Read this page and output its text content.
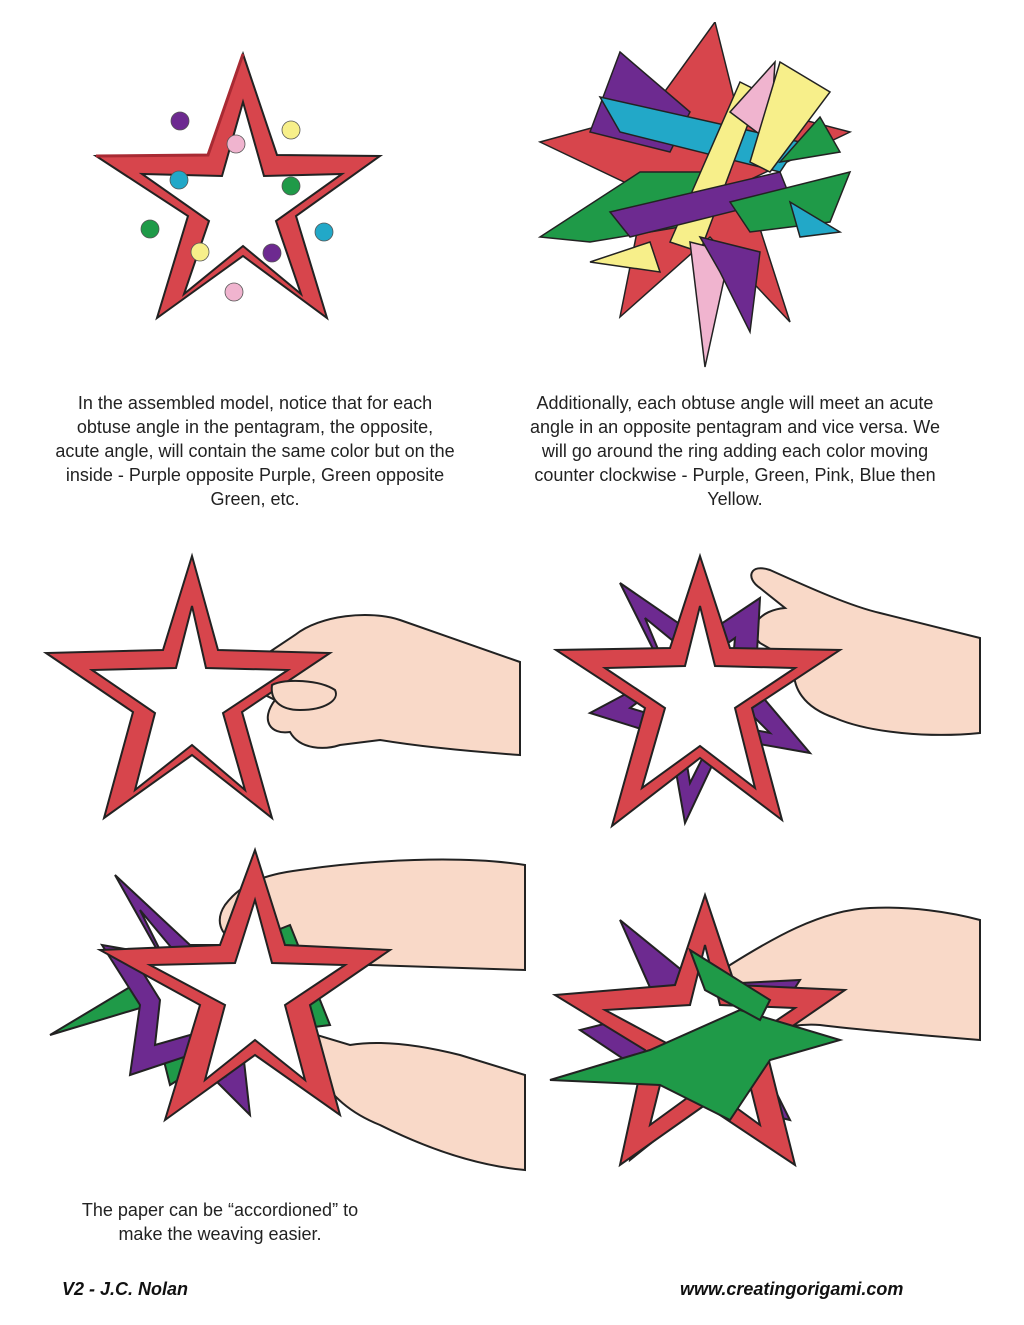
In the assembled model, notice that for each obtuse angle in the pentagram, the opposite, acute angle, will contain the same color but on the inside - Purple opposite Purple, Green opposite Green, etc.
Additionally, each obtuse angle will meet an acute angle in an opposite pentagram and vice versa. We will go around the ring adding each color moving counter clockwise - Purple, Green, Pink, Blue then Yellow.
The paper can be “accordioned” to make the weaving easier.
V2 - J.C. Nolan	www.creatingorigami.com
